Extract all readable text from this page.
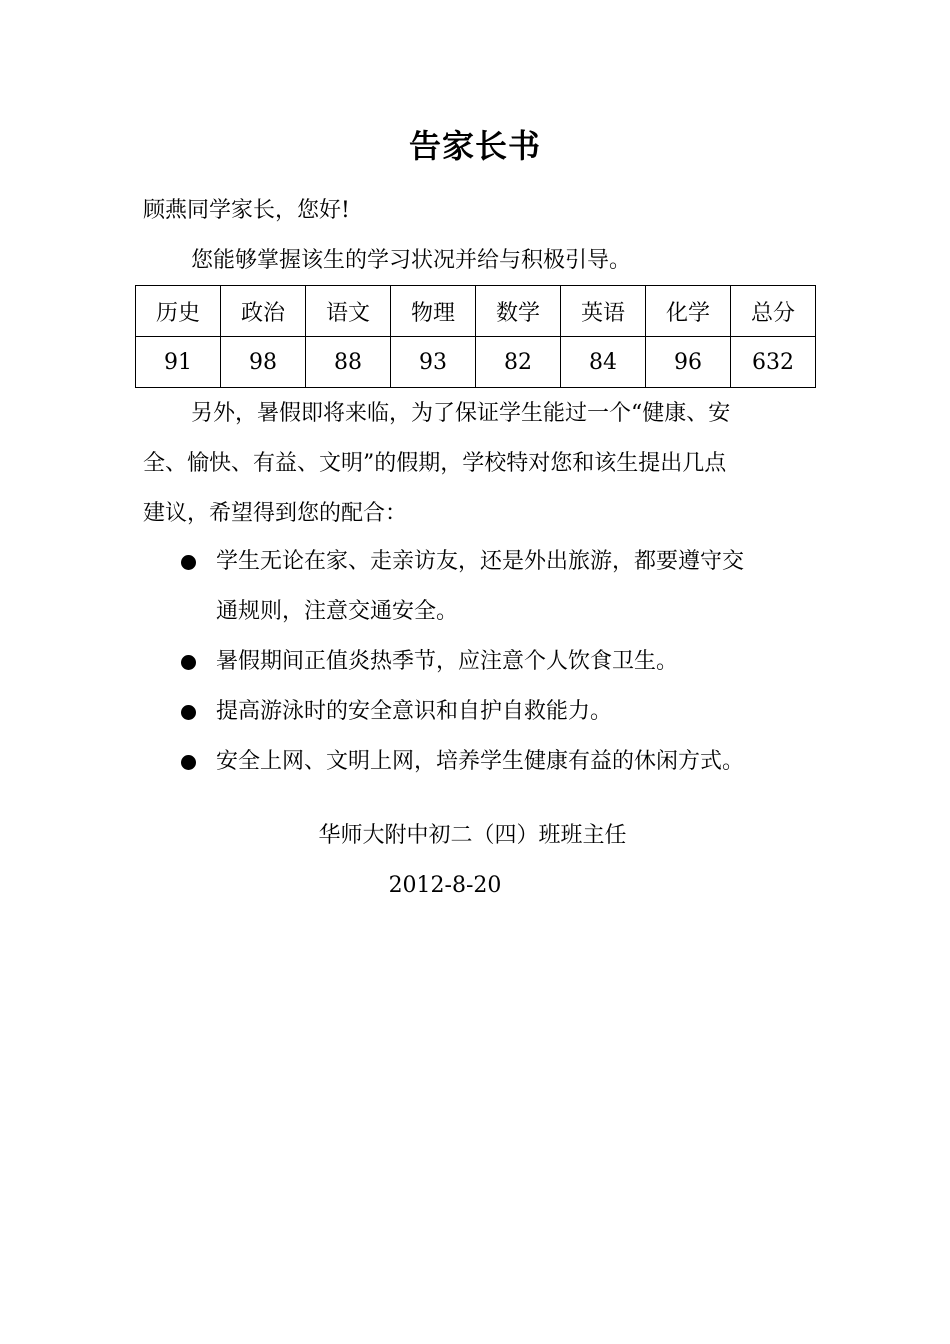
告家长书
顾燕同学家长，您好!
您能够掌握该生的学习状况并给与积极引导。
历史	政治	语文	物理	数学	英语	化学	总分
91	98	88	93	82	84	96	632
另外，暑假即将来临，为了保证学生能过一个“健康、安
全、愉快、有益、文明”的假期，学校特对您和该生提出几点
建议，希望得到您的配合：
学生无论在家、走亲访友，还是外出旅游，都要遵守交
通规则，注意交通安全。
暑假期间正值炎热季节，应注意个人饮食卫生。
提高游泳时的安全意识和自护自救能力。
安全上网、文明上网，培养学生健康有益的休闲方式。
华师大附中初二（四）班班主任
2012-8-20
